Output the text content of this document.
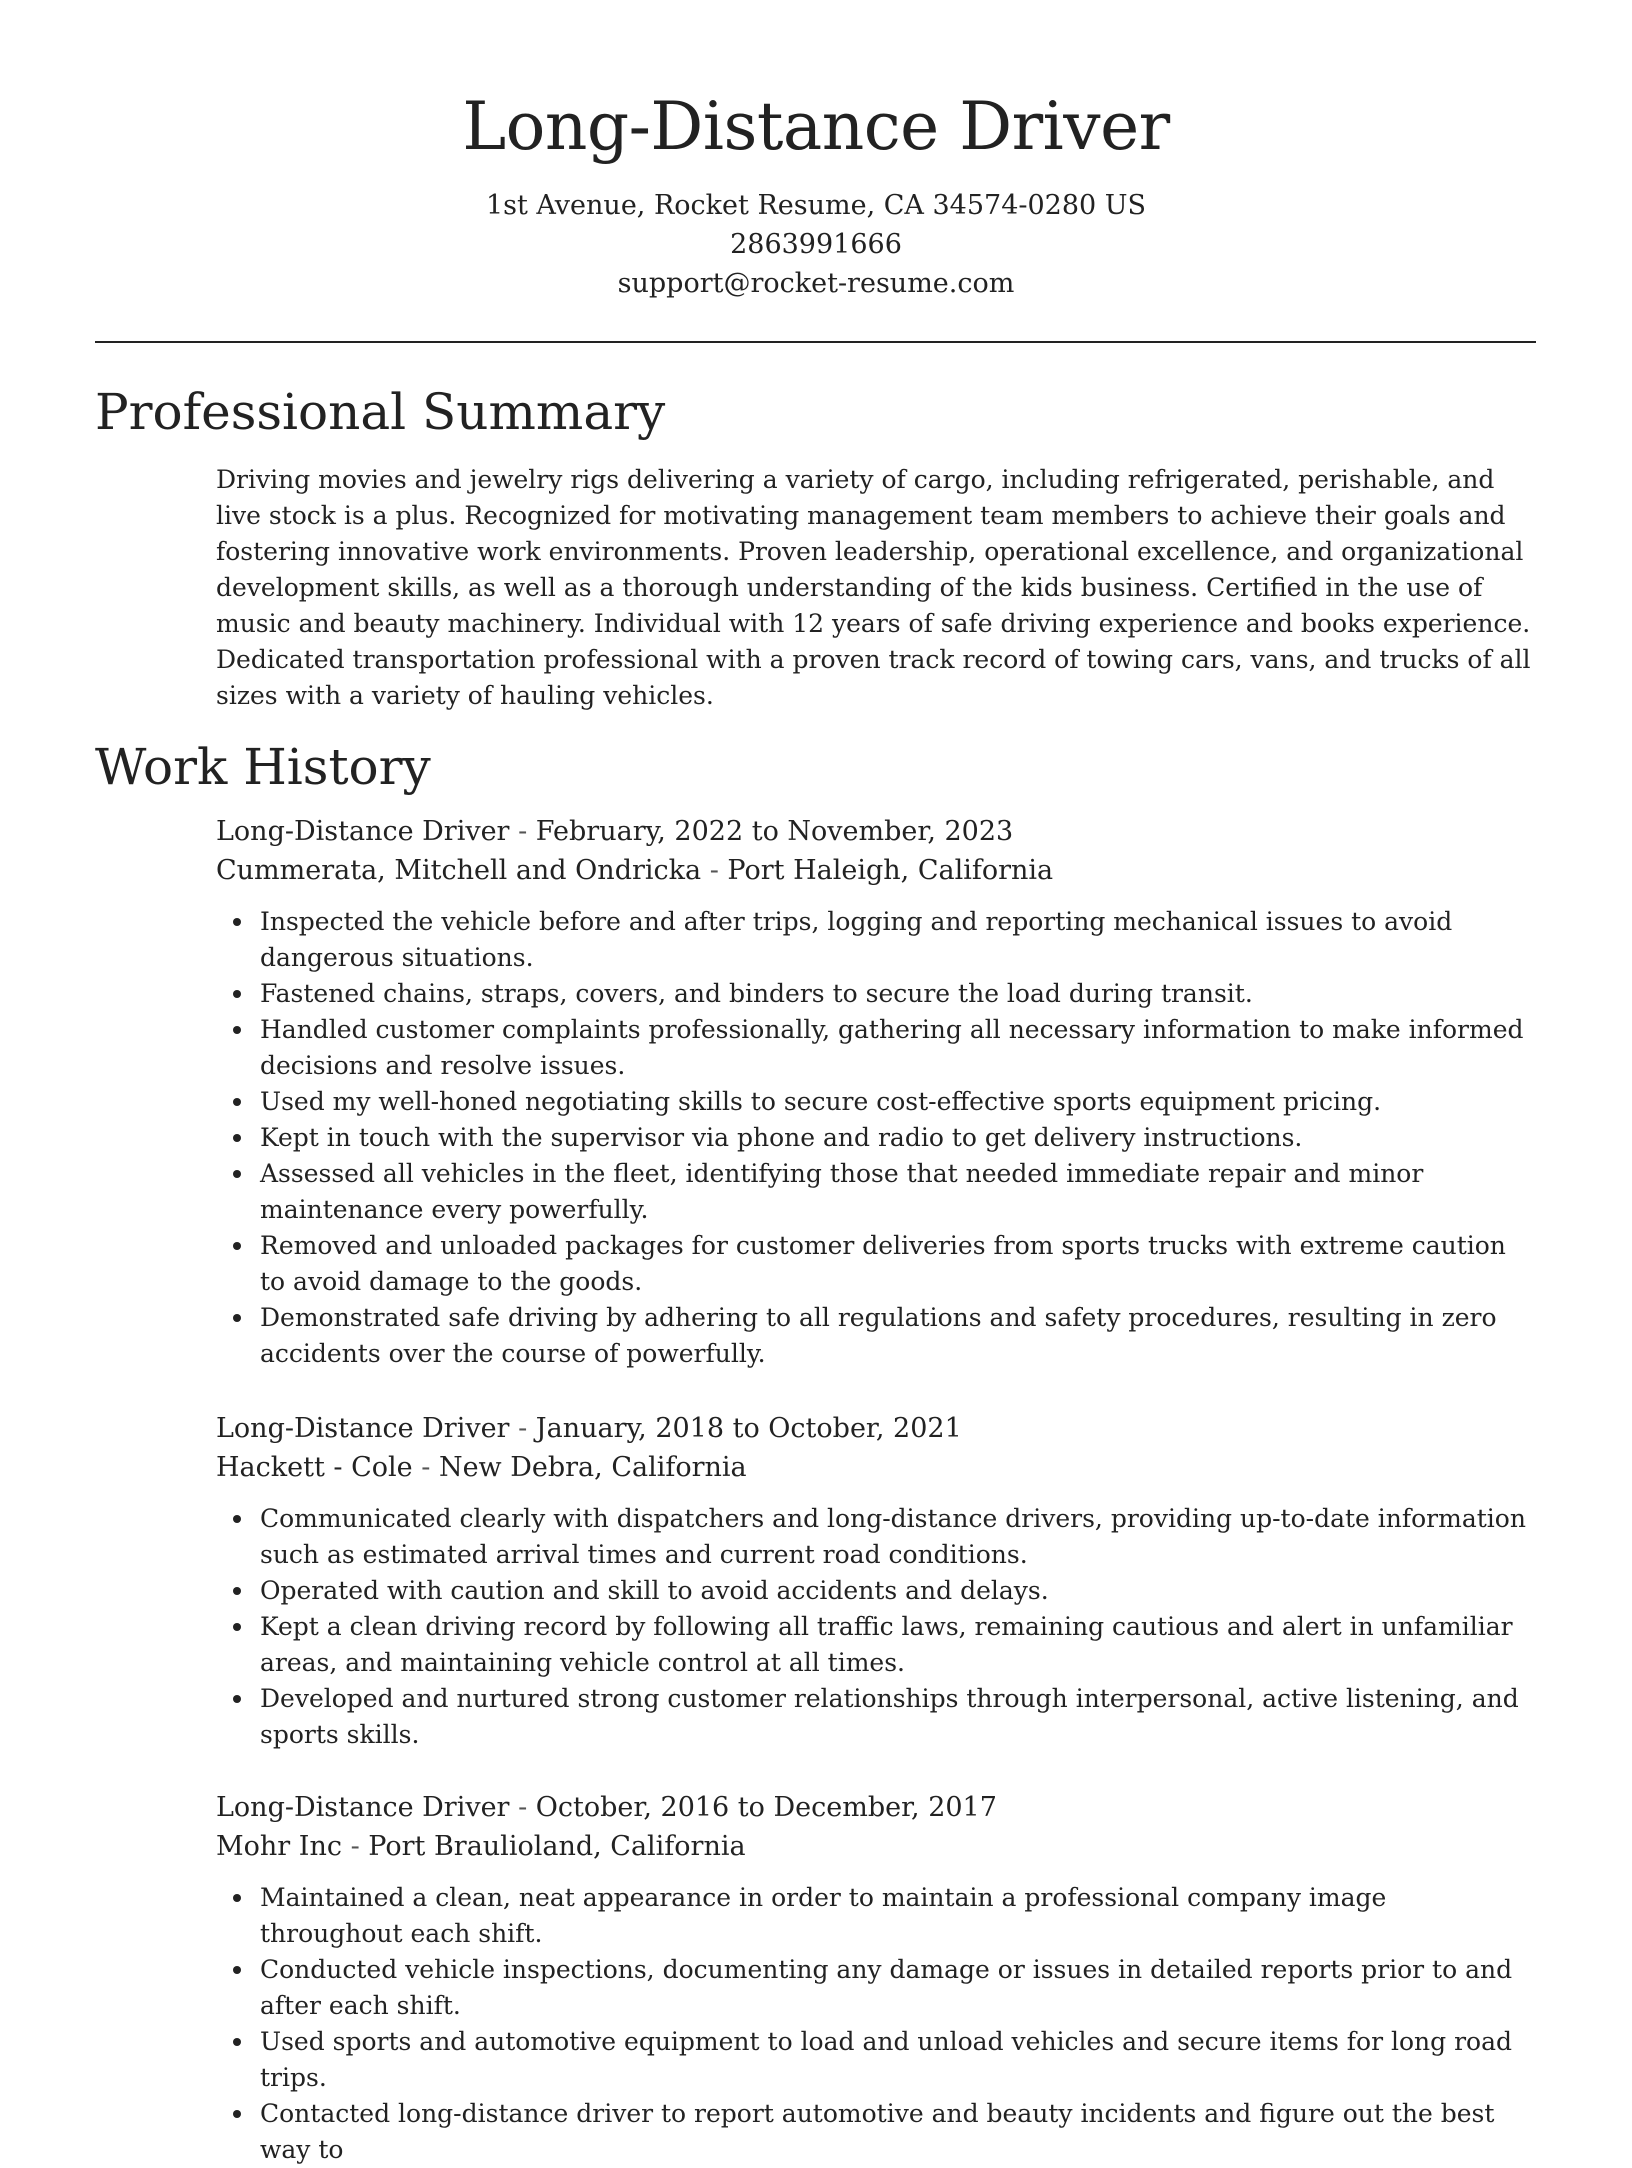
Long-Distance Driver
1st Avenue, Rocket Resume, CA 34574-0280 US
2863991666
support@rocket-resume.com
Professional Summary
Driving movies and jewelry rigs delivering a variety of cargo, including refrigerated, perishable, and live stock is a plus. Recognized for motivating management team members to achieve their goals and fostering innovative work environments. Proven leadership, operational excellence, and organizational development skills, as well as a thorough understanding of the kids business. Certified in the use of music and beauty machinery. Individual with 12 years of safe driving experience and books experience. Dedicated transportation professional with a proven track record of towing cars, vans, and trucks of all sizes with a variety of hauling vehicles.
Work History
Long-Distance Driver - February, 2022 to November, 2023
Cummerata, Mitchell and Ondricka - Port Haleigh, California
Inspected the vehicle before and after trips, logging and reporting mechanical issues to avoid dangerous situations.
Fastened chains, straps, covers, and binders to secure the load during transit.
Handled customer complaints professionally, gathering all necessary information to make informed decisions and resolve issues.
Used my well-honed negotiating skills to secure cost-effective sports equipment pricing.
Kept in touch with the supervisor via phone and radio to get delivery instructions.
Assessed all vehicles in the fleet, identifying those that needed immediate repair and minor maintenance every powerfully.
Removed and unloaded packages for customer deliveries from sports trucks with extreme caution to avoid damage to the goods.
Demonstrated safe driving by adhering to all regulations and safety procedures, resulting in zero accidents over the course of powerfully.
Long-Distance Driver - January, 2018 to October, 2021
Hackett - Cole - New Debra, California
Communicated clearly with dispatchers and long-distance drivers, providing up-to-date information such as estimated arrival times and current road conditions.
Operated with caution and skill to avoid accidents and delays.
Kept a clean driving record by following all traffic laws, remaining cautious and alert in unfamiliar areas, and maintaining vehicle control at all times.
Developed and nurtured strong customer relationships through interpersonal, active listening, and sports skills.
Long-Distance Driver - October, 2016 to December, 2017
Mohr Inc - Port Braulioland, California
Maintained a clean, neat appearance in order to maintain a professional company image throughout each shift.
Conducted vehicle inspections, documenting any damage or issues in detailed reports prior to and after each shift.
Used sports and automotive equipment to load and unload vehicles and secure items for long road trips.
Contacted long-distance driver to report automotive and beauty incidents and figure out the best way to
